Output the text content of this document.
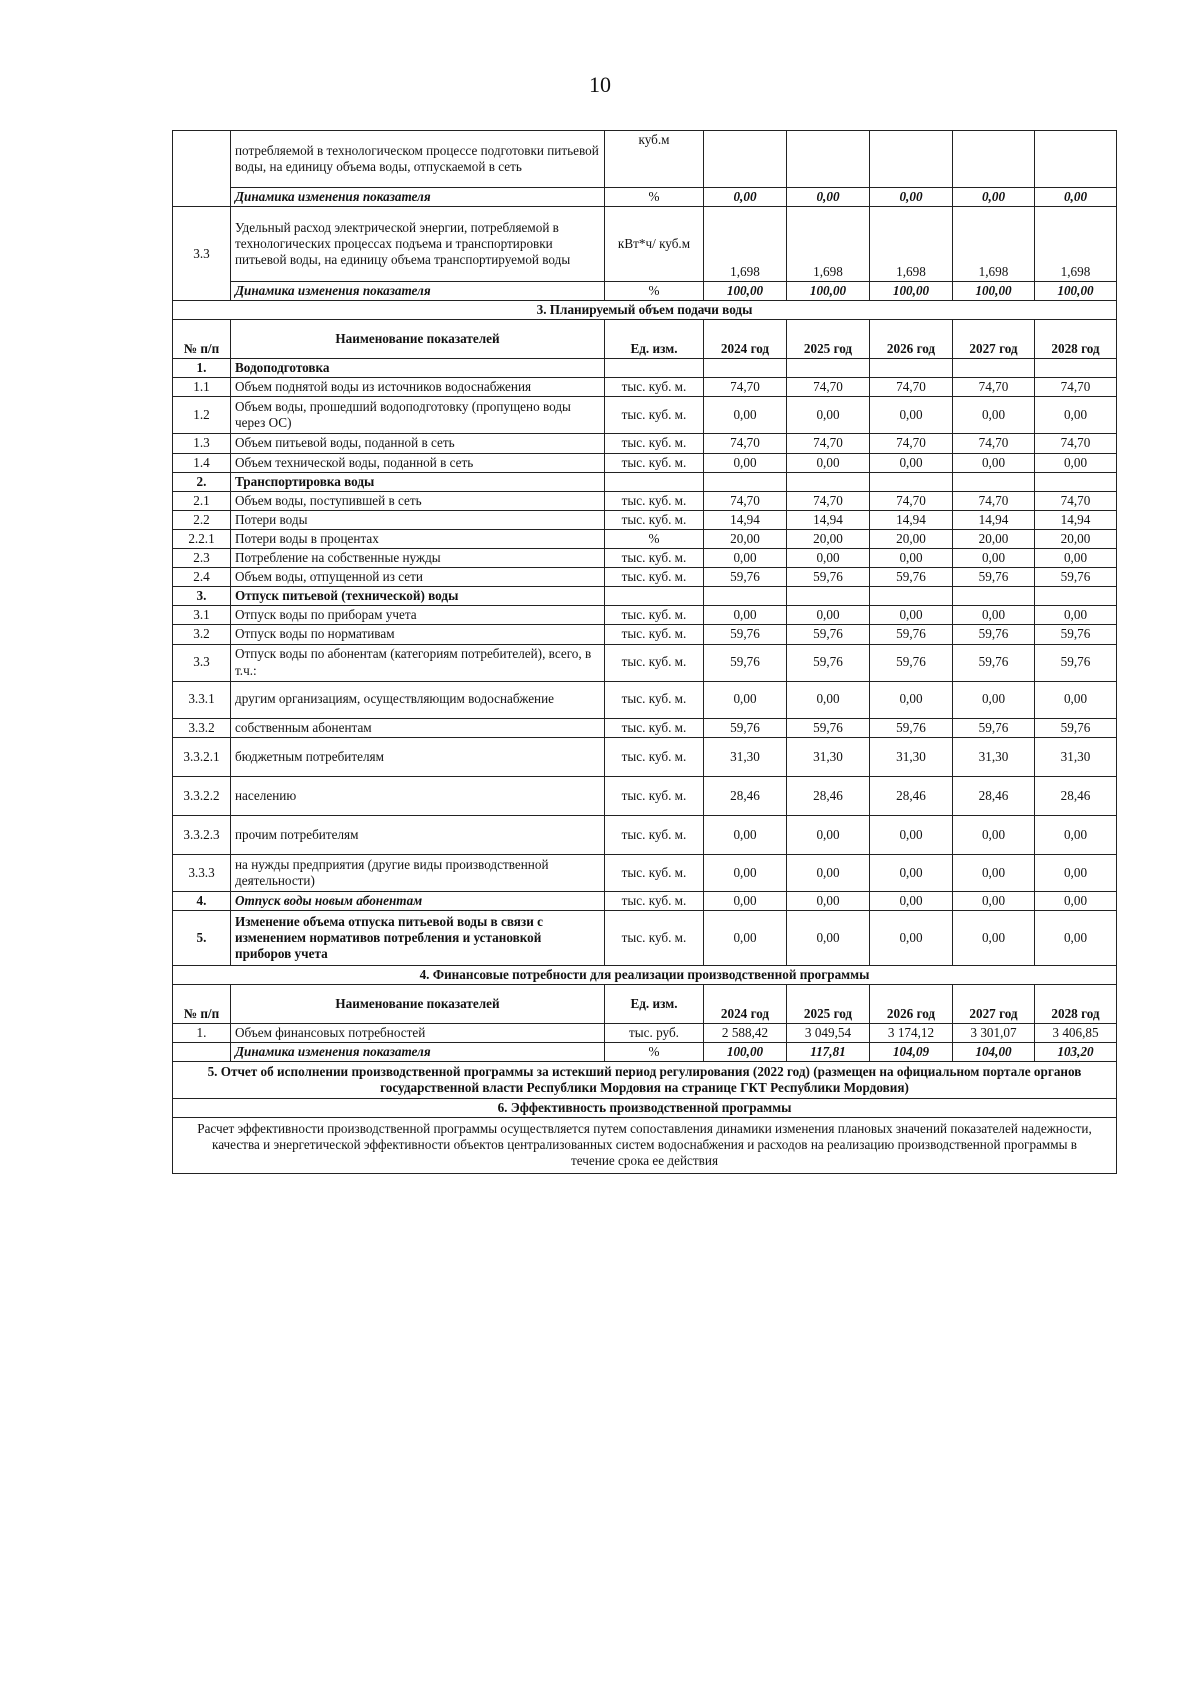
10
	потребляемой в технологическом процессе подготовки питьевой воды, на единицу объема воды, отпускаемой в сеть	куб.м					
	Динамика изменения показателя	%	0,00	0,00	0,00	0,00	0,00
3.3	Удельный расход электрической энергии, потребляемой в технологических процессах подъема и транспортировки питьевой воды, на единицу объема транспортируемой воды	кВт*ч/ куб.м	1,698	1,698	1,698	1,698	1,698
	Динамика изменения показателя	%	100,00	100,00	100,00	100,00	100,00
3. Планируемый объем подачи воды							
№ п/п	Наименование показателей	Ед. изм.	2024 год	2025 год	2026 год	2027 год	2028 год
1.	Водоподготовка						
1.1	Объем поднятой воды из источников водоснабжения	тыс. куб. м.	74,70	74,70	74,70	74,70	74,70
1.2	Объем воды, прошедший водоподготовку (пропущено воды через ОС)	тыс. куб. м.	0,00	0,00	0,00	0,00	0,00
1.3	Объем питьевой воды, поданной в сеть	тыс. куб. м.	74,70	74,70	74,70	74,70	74,70
1.4	Объем технической воды, поданной в сеть	тыс. куб. м.	0,00	0,00	0,00	0,00	0,00
2.	Транспортировка воды						
2.1	Объем воды, поступившей в сеть	тыс. куб. м.	74,70	74,70	74,70	74,70	74,70
2.2	Потери воды	тыс. куб. м.	14,94	14,94	14,94	14,94	14,94
2.2.1	Потери воды в процентах	%	20,00	20,00	20,00	20,00	20,00
2.3	Потребление на собственные нужды	тыс. куб. м.	0,00	0,00	0,00	0,00	0,00
2.4	Объем воды, отпущенной из сети	тыс. куб. м.	59,76	59,76	59,76	59,76	59,76
3.	Отпуск питьевой (технической) воды						
3.1	Отпуск воды по приборам учета	тыс. куб. м.	0,00	0,00	0,00	0,00	0,00
3.2	Отпуск воды по нормативам	тыс. куб. м.	59,76	59,76	59,76	59,76	59,76
3.3	Отпуск воды по абонентам (категориям потребителей), всего, в т.ч.:	тыс. куб. м.	59,76	59,76	59,76	59,76	59,76
3.3.1	другим организациям, осуществляющим водоснабжение	тыс. куб. м.	0,00	0,00	0,00	0,00	0,00
3.3.2	собственным абонентам	тыс. куб. м.	59,76	59,76	59,76	59,76	59,76
3.3.2.1	бюджетным потребителям	тыс. куб. м.	31,30	31,30	31,30	31,30	31,30
3.3.2.2	населению	тыс. куб. м.	28,46	28,46	28,46	28,46	28,46
3.3.2.3	прочим потребителям	тыс. куб. м.	0,00	0,00	0,00	0,00	0,00
3.3.3	на нужды предприятия (другие виды производственной деятельности)	тыс. куб. м.	0,00	0,00	0,00	0,00	0,00
4.	Отпуск воды новым абонентам	тыс. куб. м.	0,00	0,00	0,00	0,00	0,00
5.	Изменение объема отпуска питьевой воды в связи с изменением нормативов потребления и установкой приборов учета	тыс. куб. м.	0,00	0,00	0,00	0,00	0,00
4. Финансовые потребности для реализации производственной программы							
№ п/п	Наименование показателей	Ед. изм.	2024 год	2025 год	2026 год	2027 год	2028 год
1.	Объем финансовых потребностей	тыс. руб.	2 588,42	3 049,54	3 174,12	3 301,07	3 406,85
	Динамика изменения показателя	%	100,00	117,81	104,09	104,00	103,20
5. Отчет об исполнении производственной программы за истекший период регулирования (2022 год) (размещен на официальном портале органов государственной власти Республики Мордовия на странице ГКТ Республики Мордовия)							
6. Эффективность производственной программы							
Расчет эффективности производственной программы осуществляется путем сопоставления динамики изменения плановых значений показателей надежности, качества и энергетической эффективности объектов централизованных систем водоснабжения и расходов на реализацию производственной программы в течение срока ее действия							
